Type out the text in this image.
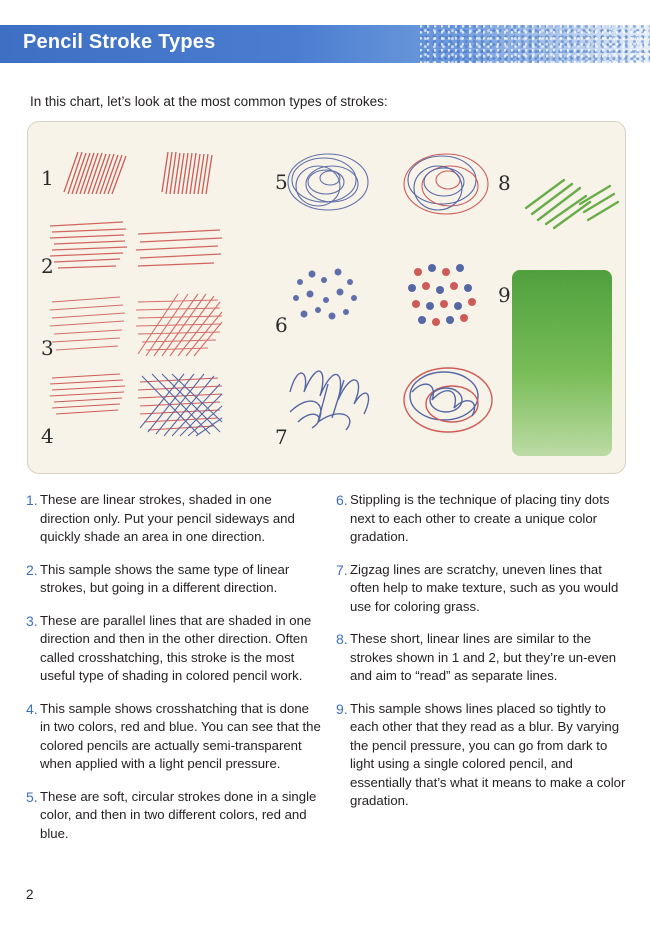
Pencil Stroke Types

In this chart, let’s look at the most common types of strokes:

1
2
3
4
5
6
7
8
9

1. These are linear strokes, shaded in one direction only. Put your pencil sideways and quickly shade an area in one direction.

2. This sample shows the same type of linear strokes, but going in a different direction.

3. These are parallel lines that are shaded in one direction and then in the other direction. Often called crosshatching, this stroke is the most useful type of shading in colored pencil work.

4. This sample shows crosshatching that is done in two colors, red and blue. You can see that the colored pencils are actually semi-transparent when applied with a light pencil pressure.

5. These are soft, circular strokes done in a single color, and then in two different colors, red and blue.

6. Stippling is the technique of placing tiny dots next to each other to create a unique color gradation.

7. Zigzag lines are scratchy, uneven lines that often help to make texture, such as you would use for coloring grass.

8. These short, linear lines are similar to the strokes shown in 1 and 2, but they’re un-even and aim to “read” as separate lines.

9. This sample shows lines placed so tightly to each other that they read as a blur. By varying the pencil pressure, you can go from dark to light using a single colored pencil, and essentially that’s what it means to make a color gradation.

2
